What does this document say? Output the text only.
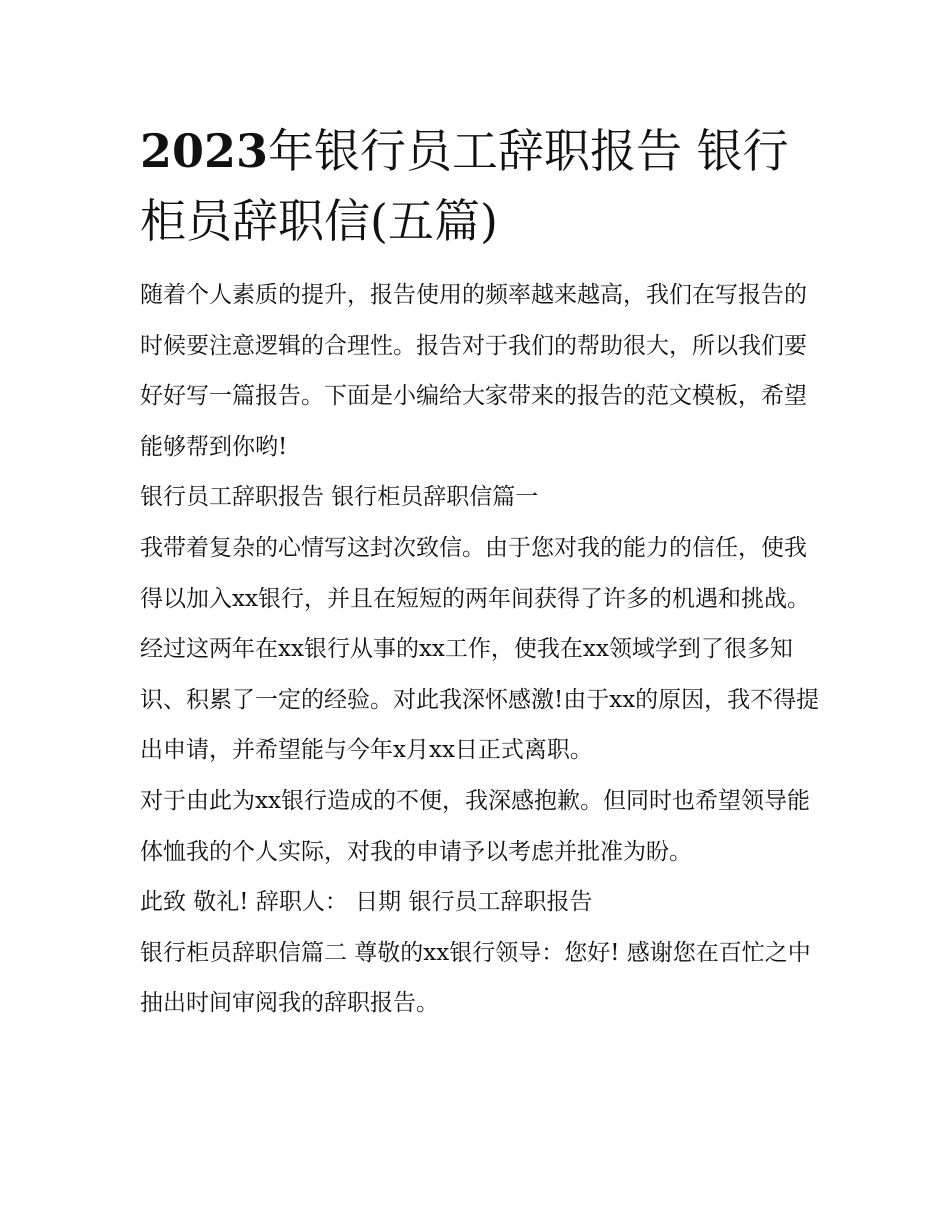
2023年银行员工辞职报告 银行柜员辞职信(五篇)

随着个人素质的提升，报告使用的频率越来越高，我们在写报告的时候要注意逻辑的合理性。报告对于我们的帮助很大，所以我们要好好写一篇报告。下面是小编给大家带来的报告的范文模板，希望能够帮到你哟!

银行员工辞职报告 银行柜员辞职信篇一

我带着复杂的心情写这封次致信。由于您对我的能力的信任，使我得以加入xx银行，并且在短短的两年间获得了许多的机遇和挑战。经过这两年在xx银行从事的xx工作，使我在xx领域学到了很多知识、积累了一定的经验。对此我深怀感激!由于xx的原因，我不得提出申请，并希望能与今年x月xx日正式离职。

对于由此为xx银行造成的不便，我深感抱歉。但同时也希望领导能体恤我的个人实际，对我的申请予以考虑并批准为盼。

此致 敬礼! 辞职人： 日期 银行员工辞职报告

银行柜员辞职信篇二 尊敬的xx银行领导：您好! 感谢您在百忙之中抽出时间审阅我的辞职报告。
